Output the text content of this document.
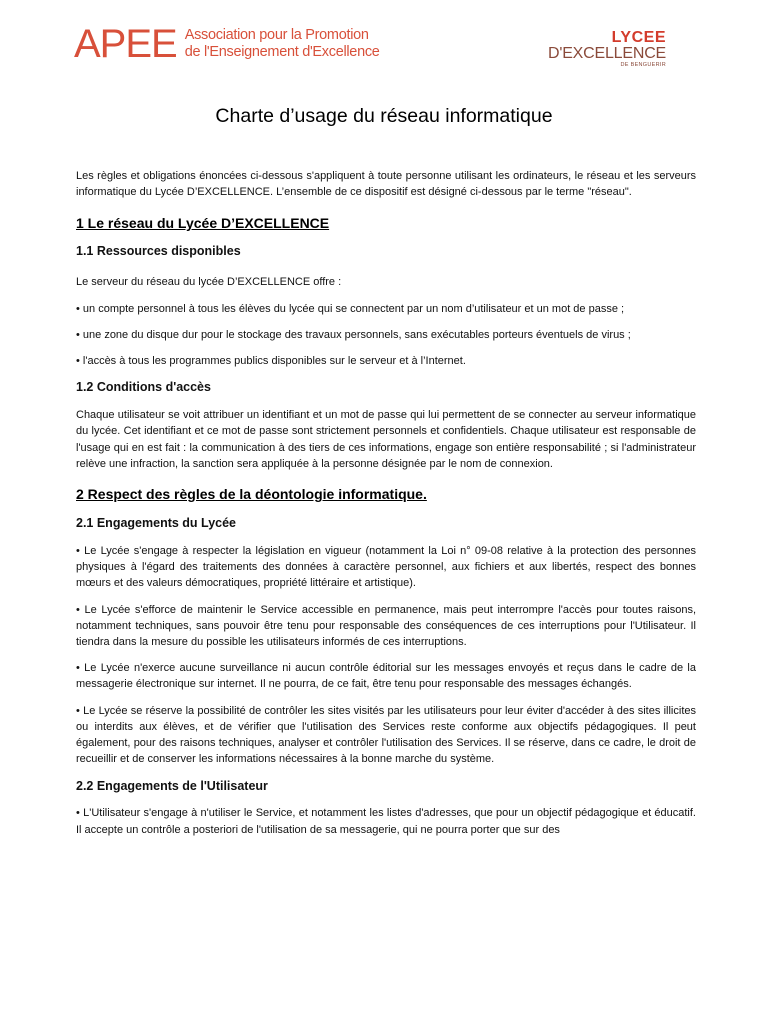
APEE Association pour la Promotion
de l'Enseignement d'Excellence
LYCEE
D'EXCELLENCE
DE BENGUERIR
Charte d’usage du réseau informatique

Les règles et obligations énoncées ci-dessous s'appliquent à toute personne utilisant les ordinateurs, le réseau et les serveurs informatique du Lycée D’EXCELLENCE. L’ensemble de ce dispositif est désigné ci-dessous par le terme "réseau".

1 Le réseau du Lycée D’EXCELLENCE
1.1 Ressources disponibles

Le serveur du réseau du lycée D’EXCELLENCE offre :

• un compte personnel à tous les élèves du lycée qui se connectent par un nom d’utilisateur et un mot de passe ;

• une zone du disque dur pour le stockage des travaux personnels, sans exécutables porteurs éventuels de virus ;

• l'accès à tous les programmes publics disponibles sur le serveur et à l’Internet.

1.2 Conditions d'accès

Chaque utilisateur se voit attribuer un identifiant et un mot de passe qui lui permettent de se connecter au serveur informatique du lycée. Cet identifiant et ce mot de passe sont strictement personnels et confidentiels. Chaque utilisateur est responsable de l'usage qui en est fait : la communication à des tiers de ces informations, engage son entière responsabilité ; si l'administrateur relève une infraction, la sanction sera appliquée à la personne désignée par le nom de connexion.

2 Respect des règles de la déontologie informatique.
2.1 Engagements du Lycée

• Le Lycée s'engage à respecter la législation en vigueur (notamment la Loi n° 09-08 relative à la protection des personnes physiques à l'égard des traitements des données à caractère personnel, aux fichiers et aux libertés, respect des bonnes mœurs et des valeurs démocratiques, propriété littéraire et artistique).

• Le Lycée s'efforce de maintenir le Service accessible en permanence, mais peut interrompre l'accès pour toutes raisons, notamment techniques, sans pouvoir être tenu pour responsable des conséquences de ces interruptions pour l'Utilisateur. Il tiendra dans la mesure du possible les utilisateurs informés de ces interruptions.

• Le Lycée n'exerce aucune surveillance ni aucun contrôle éditorial sur les messages envoyés et reçus dans le cadre de la messagerie électronique sur internet. Il ne pourra, de ce fait, être tenu pour responsable des messages échangés.

• Le Lycée se réserve la possibilité de contrôler les sites visités par les utilisateurs pour leur éviter d'accéder à des sites illicites ou interdits aux élèves, et de vérifier que l'utilisation des Services reste conforme aux objectifs pédagogiques. Il peut également, pour des raisons techniques, analyser et contrôler l'utilisation des Services. Il se réserve, dans ce cadre, le droit de recueillir et de conserver les informations nécessaires à la bonne marche du système.

2.2 Engagements de l'Utilisateur

• L'Utilisateur s'engage à n'utiliser le Service, et notamment les listes d'adresses, que pour un objectif pédagogique et éducatif. Il accepte un contrôle a posteriori de l'utilisation de sa messagerie, qui ne pourra porter que sur des
